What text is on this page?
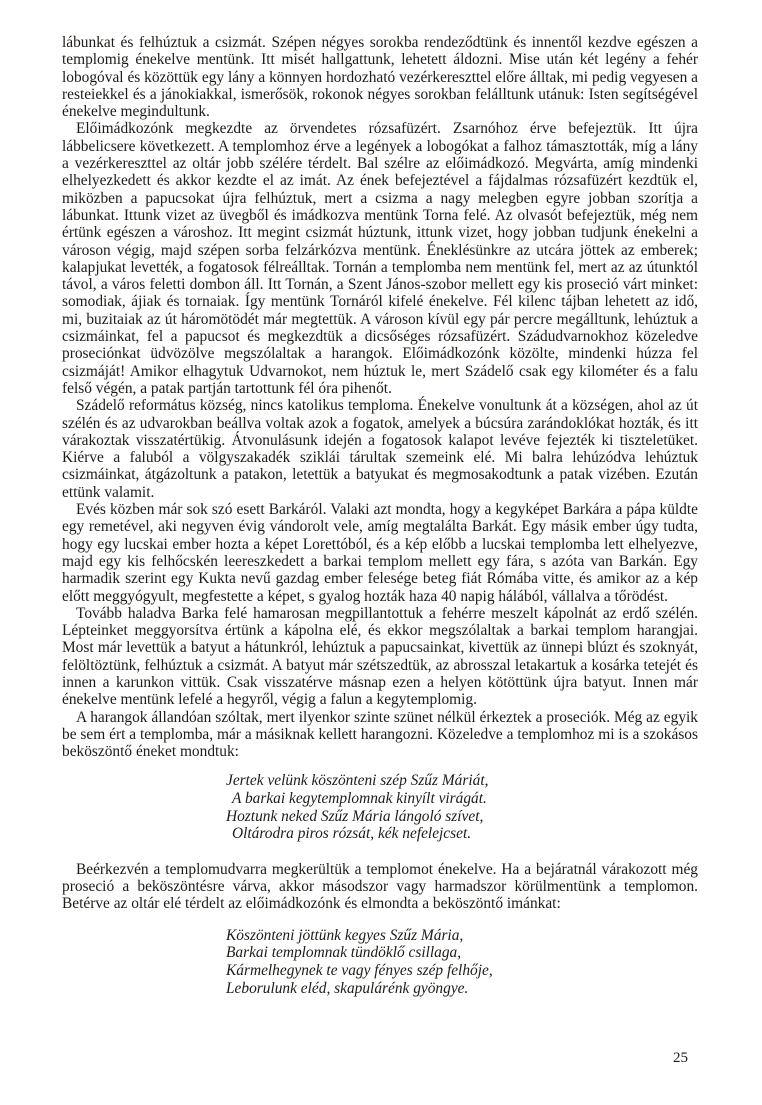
lábunkat és felhúztuk a csizmát. Szépen négyes sorokba rendeződtünk és innentől kezdve egészen a templomig énekelve mentünk. Itt misét hallgattunk, lehetett áldozni. Mise után két legény a fehér lobogóval és közöttük egy lány a könnyen hordozható vezérkereszttel előre álltak, mi pedig vegyesen a resteiekkel és a jánokiakkal, ismerősök, rokonok négyes sorokban felálltunk utánuk: Isten segítségével énekelve megindultunk.

Előimádkozónk megkezdte az örvendetes rózsafüzért. Zsarnóhoz érve befejeztük. Itt újra lábbelicsere következett. A templomhoz érve a legények a lobogókat a falhoz támasztották, míg a lány a vezérkereszttel az oltár jobb szélére térdelt. Bal szélre az előimádkozó. Megvárta, amíg mindenki elhelyezkedett és akkor kezdte el az imát. Az ének befejeztével a fájdalmas rózsafüzért kezdtük el, miközben a papucsokat újra felhúztuk, mert a csizma a nagy melegben egyre jobban szorítja a lábunkat. Ittunk vizet az üvegből és imádkozva mentünk Torna felé. Az olvasót befejeztük, még nem értünk egészen a városhoz. Itt megint csizmát húztunk, ittunk vizet, hogy jobban tudjunk énekelni a városon végig, majd szépen sorba felzárkózva mentünk. Éneklésünkre az utcára jöttek az emberek; kalapjukat levették, a fogatosok félreálltak. Tornán a templomba nem mentünk fel, mert az az útunktól távol, a város feletti dombon áll. Itt Tornán, a Szent János-szobor mellett egy kis proseció várt minket: somodiak, ájiak és tornaiak. Így mentünk Tornáról kifelé énekelve. Fél kilenc tájban lehetett az idő, mi, buzitaiak az út háromötödét már megtettük. A városon kívül egy pár percre megálltunk, lehúztuk a csizmáinkat, fel a papucsot és megkezdtük a dicsőséges rózsafüzért. Szádudvarnokhoz közeledve proseciónkat üdvözölve megszólaltak a harangok. Előimádkozónk közölte, mindenki húzza fel csizmáját! Amikor elhagytuk Udvarnokot, nem húztuk le, mert Szádelő csak egy kilométer és a falu felső végén, a patak partján tartottunk fél óra pihenőt.

Szádelő református község, nincs katolikus temploma. Énekelve vonultunk át a községen, ahol az út szélén és az udvarokban beállva voltak azok a fogatok, amelyek a búcsúra zarándoklókat hozták, és itt várakoztak visszatértükig. Átvonulásunk idején a fogatosok kalapot levéve fejezték ki tiszteletüket. Kiérve a faluból a völgyszakadék sziklái tárultak szemeink elé. Mi balra lehúzódva lehúztuk csizmáinkat, átgázoltunk a patakon, letettük a batyukat és megmosakodtunk a patak vizében. Ezután ettünk valamit.

Evés közben már sok szó esett Barkáról. Valaki azt mondta, hogy a kegyképet Barkára a pápa küldte egy remetével, aki negyven évig vándorolt vele, amíg megtalálta Barkát. Egy másik ember úgy tudta, hogy egy lucskai ember hozta a képet Lorettóból, és a kép előbb a lucskai templomba lett elhelyezve, majd egy kis felhőcskén leereszkedett a barkai templom mellett egy fára, s azóta van Barkán. Egy harmadik szerint egy Kukta nevű gazdag ember felesége beteg fiát Rómába vitte, és amikor az a kép előtt meggyógyult, megfestette a képet, s gyalog hozták haza 40 napig hálából, vállalva a tőrödést.

Tovább haladva Barka felé hamarosan megpillantottuk a fehérre meszelt kápolnát az erdő szélén. Lépteinket meggyorsítva értünk a kápolna elé, és ekkor megszólaltak a barkai templom harangjai. Most már levettük a batyut a hátunkról, lehúztuk a papucsainkat, kivettük az ünnepi blúzt és szoknyát, felöltöztünk, felhúztuk a csizmát. A batyut már szétszedtük, az abrosszal letakartuk a kosárka tetejét és innen a karunkon vittük. Csak visszatérve másnap ezen a helyen kötöttünk újra batyut. Innen már énekelve mentünk lefelé a hegyről, végig a falun a kegytemplomig.

A harangok állandóan szóltak, mert ilyenkor szinte szünet nélkül érkeztek a proseciók. Még az egyik be sem ért a templomba, már a másiknak kellett harangozni. Közeledve a templomhoz mi is a szokásos beköszöntő éneket mondtuk:

Jertek velünk köszönteni szép Szűz Máriát,
A barkai kegytemplomnak kinyílt virágát.
Hoztunk neked Szűz Mária lángoló szívet,
Oltárodra piros rózsát, kék nefelejcset.

Beérkezvén a templomudvarra megkerültük a templomot énekelve. Ha a bejáratnál várakozott még proseció a beköszöntésre várva, akkor másodszor vagy harmadszor körülmentünk a templomon. Betérve az oltár elé térdelt az előimádkozónk és elmondta a beköszöntő imánkat:

Köszönteni jöttünk kegyes Szűz Mária,
Barkai templomnak tündöklő csillaga,
Kármelhegynek te vagy fényes szép felhője,
Leborulunk eléd, skapulárénk gyöngye.
25
